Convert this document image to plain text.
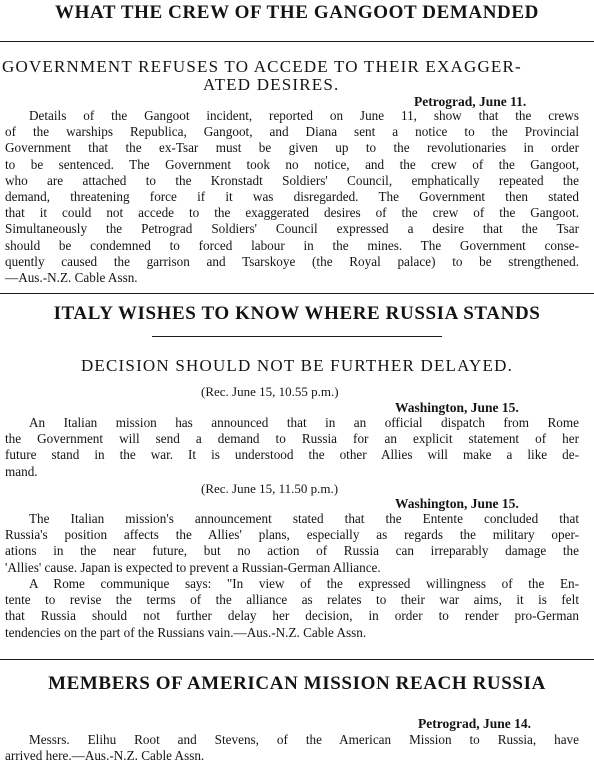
WHAT THE CREW OF THE GANGOOT DEMANDED
GOVERNMENT REFUSES TO ACCEDE TO THEIR EXAGGER-
ATED DESIRES.
Petrograd, June 11.
Details of the Gangoot incident, reported on June 11, show that the crews
of the warships Republica, Gangoot, and Diana sent a notice to the Provincial
Government that the ex-Tsar must be given up to the revolutionaries in order
to be sentenced. The Government took no notice, and the crew of the Gangoot,
who are attached to the Kronstadt Soldiers' Council, emphatically repeated the
demand, threatening force if it was disregarded. The Government then stated
that it could not accede to the exaggerated desires of the crew of the Gangoot.
Simultaneously the Petrograd Soldiers' Council expressed a desire that the Tsar
should be condemned to forced labour in the mines. The Government conse-
quently caused the garrison and Tsarskoye (the Royal palace) to be strengthened.
—Aus.-N.Z. Cable Assn.
ITALY WISHES TO KNOW WHERE RUSSIA STANDS
DECISION SHOULD NOT BE FURTHER DELAYED.
(Rec. June 15, 10.55 p.m.)
Washington, June 15.
An Italian mission has announced that in an official dispatch from Rome
the Government will send a demand to Russia for an explicit statement of her
future stand in the war. It is understood the other Allies will make a like de-
mand.
(Rec. June 15, 11.50 p.m.)
Washington, June 15.
The Italian mission's announcement stated that the Entente concluded that
Russia's position affects the Allies' plans, especially as regards the military oper-
ations in the near future, but no action of Russia can irreparably damage the
'Allies' cause. Japan is expected to prevent a Russian-German Alliance.
A Rome communique says: "In view of the expressed willingness of the En-
tente to revise the terms of the alliance as relates to their war aims, it is felt
that Russia should not further delay her decision, in order to render pro-German
tendencies on the part of the Russians vain.—Aus.-N.Z. Cable Assn.
MEMBERS OF AMERICAN MISSION REACH RUSSIA
Petrograd, June 14.
Messrs. Elihu Root and Stevens, of the American Mission to Russia, have
arrived here.—Aus.-N.Z. Cable Assn.
